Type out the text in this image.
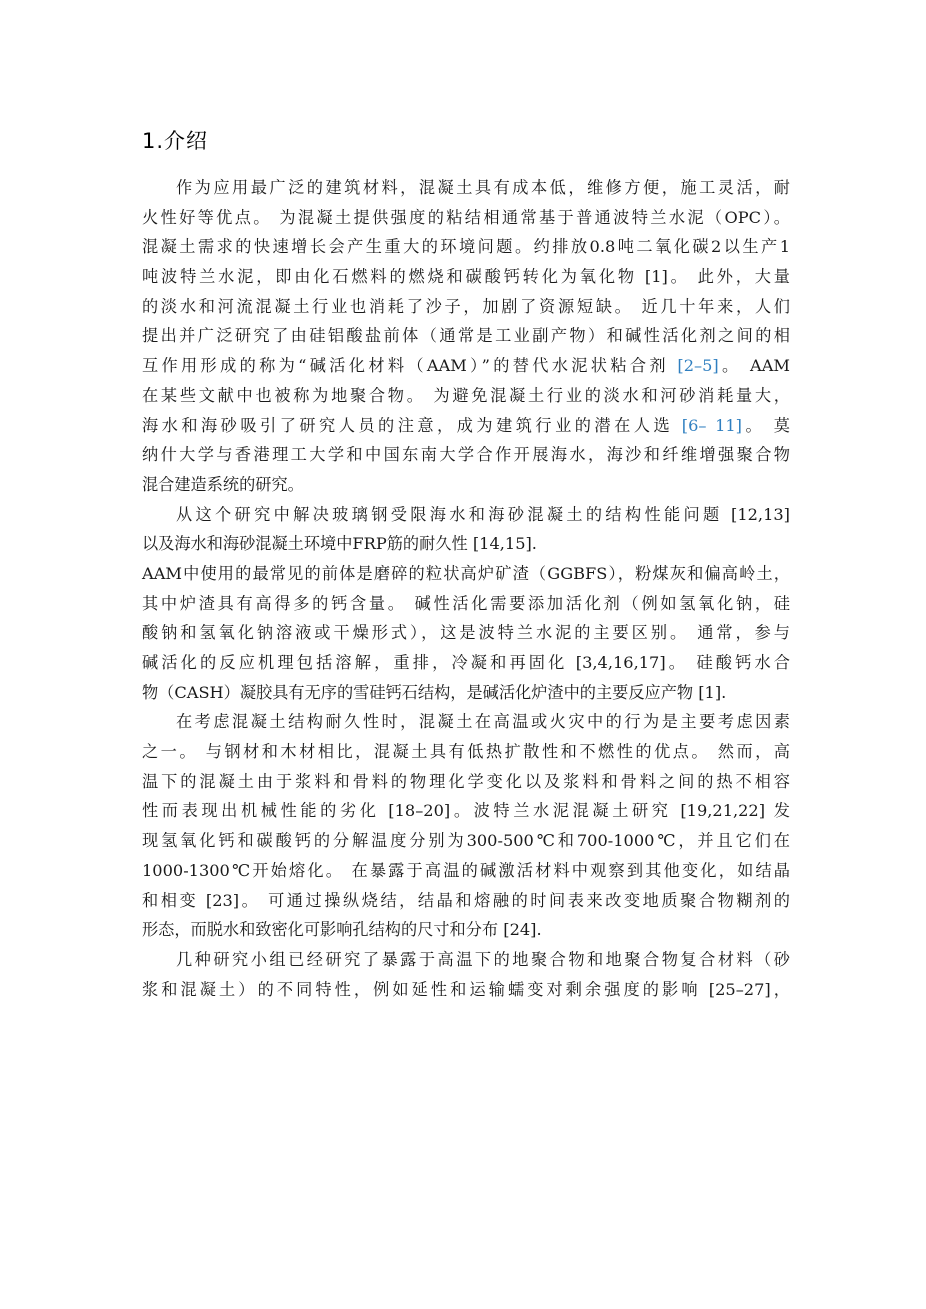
1.介绍
作为应用最广泛的建筑材料，混凝土具有成本低，维修方便，施工灵活，耐
火性好等优点。 为混凝土提供强度的粘结相通常基于普通波特兰水泥（OPC）。
混凝土需求的快速增长会产生重大的环境问题。约排放0.8吨二氧化碳2以生产1
吨波特兰水泥，即由化石燃料的燃烧和碳酸钙转化为氧化物 [1]。 此外，大量
的淡水和河流混凝土行业也消耗了沙子，加剧了资源短缺。 近几十年来，人们
提出并广泛研究了由硅铝酸盐前体（通常是工业副产物）和碱性活化剂之间的相
互作用形成的称为“碱活化材料（AAM）”的替代水泥状粘合剂 [2–5]。 AAM
在某些文献中也被称为地聚合物。 为避免混凝土行业的淡水和河砂消耗量大，
海水和海砂吸引了研究人员的注意，成为建筑行业的潜在人选 [6– 11]。 莫
纳什大学与香港理工大学和中国东南大学合作开展海水，海沙和纤维增强聚合物
混合建造系统的研究。
从这个研究中解决玻璃钢受限海水和海砂混凝土的结构性能问题 [12,13]
以及海水和海砂混凝土环境中FRP筋的耐久性 [14,15].
AAM中使用的最常见的前体是磨碎的粒状高炉矿渣（GGBFS），粉煤灰和偏高岭土，
其中炉渣具有高得多的钙含量。 碱性活化需要添加活化剂（例如氢氧化钠，硅
酸钠和氢氧化钠溶液或干燥形式），这是波特兰水泥的主要区别。 通常，参与
碱活化的反应机理包括溶解，重排，冷凝和再固化 [3,4,16,17]。 硅酸钙水合
物（CASH）凝胶具有无序的雪硅钙石结构，是碱活化炉渣中的主要反应产物 [1].
在考虑混凝土结构耐久性时，混凝土在高温或火灾中的行为是主要考虑因素
之一。 与钢材和木材相比，混凝土具有低热扩散性和不燃性的优点。 然而，高
温下的混凝土由于浆料和骨料的物理化学变化以及浆料和骨料之间的热不相容
性而表现出机械性能的劣化 [18–20]。波特兰水泥混凝土研究 [19,21,22] 发
现氢氧化钙和碳酸钙的分解温度分别为300-500℃和700-1000℃，并且它们在
1000-1300℃开始熔化。 在暴露于高温的碱激活材料中观察到其他变化，如结晶
和相变 [23]。 可通过操纵烧结，结晶和熔融的时间表来改变地质聚合物糊剂的
形态，而脱水和致密化可影响孔结构的尺寸和分布 [24].
几种研究小组已经研究了暴露于高温下的地聚合物和地聚合物复合材料（砂
浆和混凝土）的不同特性，例如延性和运输蠕变对剩余强度的影响 [25–27]，
